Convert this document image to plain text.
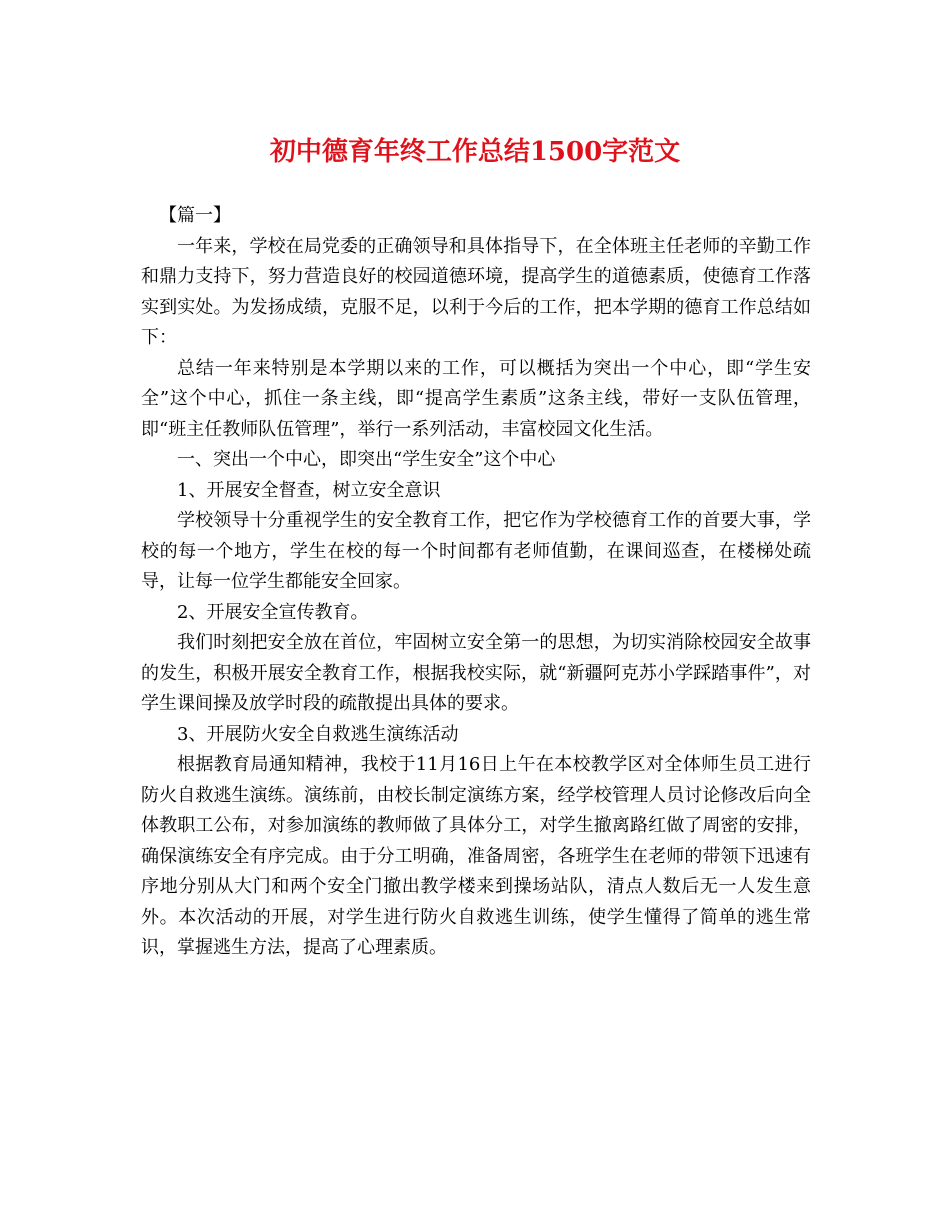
初中德育年终工作总结1500字范文

【篇一】

一年来，学校在局党委的正确领导和具体指导下，在全体班主任老师的辛勤工作和鼎力支持下，努力营造良好的校园道德环境，提高学生的道德素质，使德育工作落实到实处。为发扬成绩，克服不足，以利于今后的工作，把本学期的德育工作总结如下：

总结一年来特别是本学期以来的工作，可以概括为突出一个中心，即“学生安全”这个中心，抓住一条主线，即“提高学生素质”这条主线，带好一支队伍管理，即“班主任教师队伍管理”，举行一系列活动，丰富校园文化生活。

一、突出一个中心，即突出“学生安全”这个中心

1、开展安全督查，树立安全意识

学校领导十分重视学生的安全教育工作，把它作为学校德育工作的首要大事，学校的每一个地方，学生在校的每一个时间都有老师值勤，在课间巡查，在楼梯处疏导，让每一位学生都能安全回家。

2、开展安全宣传教育。

我们时刻把安全放在首位，牢固树立安全第一的思想，为切实消除校园安全故事的发生，积极开展安全教育工作，根据我校实际，就“新疆阿克苏小学踩踏事件”，对学生课间操及放学时段的疏散提出具体的要求。

3、开展防火安全自救逃生演练活动

根据教育局通知精神，我校于11月16日上午在本校教学区对全体师生员工进行防火自救逃生演练。演练前，由校长制定演练方案，经学校管理人员讨论修改后向全体教职工公布，对参加演练的教师做了具体分工，对学生撤离路红做了周密的安排，确保演练安全有序完成。由于分工明确，准备周密，各班学生在老师的带领下迅速有序地分别从大门和两个安全门撤出教学楼来到操场站队，清点人数后无一人发生意外。本次活动的开展，对学生进行防火自救逃生训练，使学生懂得了简单的逃生常识，掌握逃生方法，提高了心理素质。
